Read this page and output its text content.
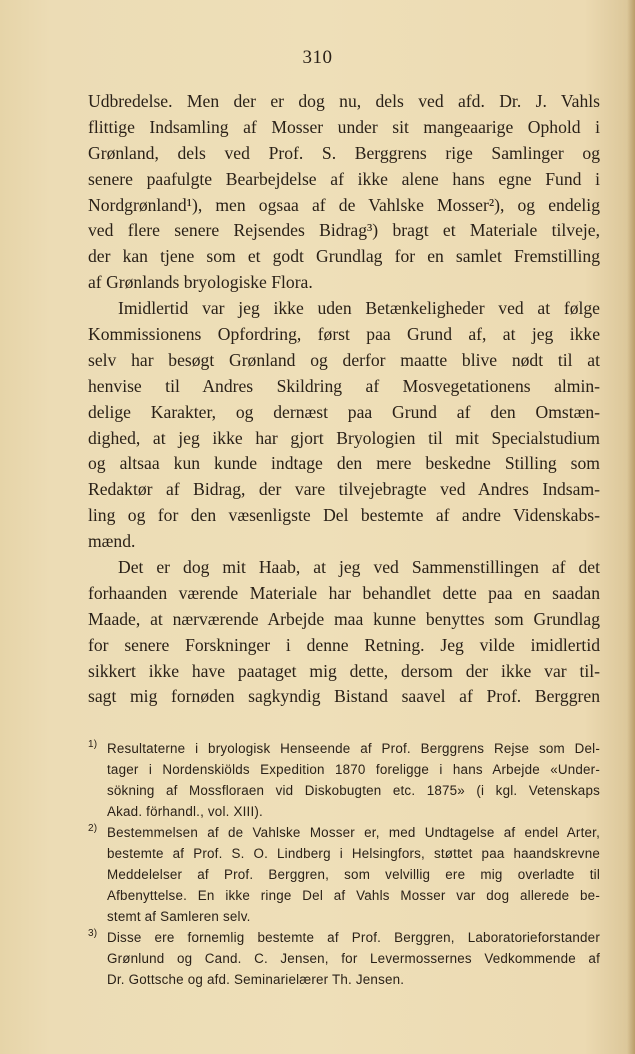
310
Udbredelse. Men der er dog nu, dels ved afd. Dr. J. Vahls
flittige Indsamling af Mosser under sit mangeaarige Ophold i
Grønland, dels ved Prof. S. Berggrens rige Samlinger og
senere paafulgte Bearbejdelse af ikke alene hans egne Fund i
Nordgrønland¹), men ogsaa af de Vahlske Mosser²), og endelig
ved flere senere Rejsendes Bidrag³) bragt et Materiale tilveje,
der kan tjene som et godt Grundlag for en samlet Fremstilling
af Grønlands bryologiske Flora.
Imidlertid var jeg ikke uden Betænkeligheder ved at følge
Kommissionens Opfordring, først paa Grund af, at jeg ikke
selv har besøgt Grønland og derfor maatte blive nødt til at
henvise til Andres Skildring af Mosvegetationens almin-
delige Karakter, og dernæst paa Grund af den Omstæn-
dighed, at jeg ikke har gjort Bryologien til mit Specialstudium
og altsaa kun kunde indtage den mere beskedne Stilling som
Redaktør af Bidrag, der vare tilvejebragte ved Andres Indsam-
ling og for den væsenligste Del bestemte af andre Videnskabs-
mænd.
Det er dog mit Haab, at jeg ved Sammenstillingen af det
forhaanden værende Materiale har behandlet dette paa en saadan
Maade, at nærværende Arbejde maa kunne benyttes som Grundlag
for senere Forskninger i denne Retning. Jeg vilde imidlertid
sikkert ikke have paataget mig dette, dersom der ikke var til-
sagt mig fornøden sagkyndig Bistand saavel af Prof. Berggren
1) Resultaterne i bryologisk Henseende af Prof. Berggrens Rejse som Del-
tager i Nordenskiölds Expedition 1870 foreligge i hans Arbejde «Under-
sökning af Mossfloraen vid Diskobugten etc. 1875» (i kgl. Vetenskaps
Akad. förhandl., vol. XIII).
2) Bestemmelsen af de Vahlske Mosser er, med Undtagelse af endel Arter,
bestemte af Prof. S. O. Lindberg i Helsingfors, støttet paa haandskrevne
Meddelelser af Prof. Berggren, som velvillig ere mig overladte til
Afbenyttelse. En ikke ringe Del af Vahls Mosser var dog allerede be-
stemt af Samleren selv.
3) Disse ere fornemlig bestemte af Prof. Berggren, Laboratorieforstander
Grønlund og Cand. C. Jensen, for Levermossernes Vedkommende af
Dr. Gottsche og afd. Seminarielærer Th. Jensen.
